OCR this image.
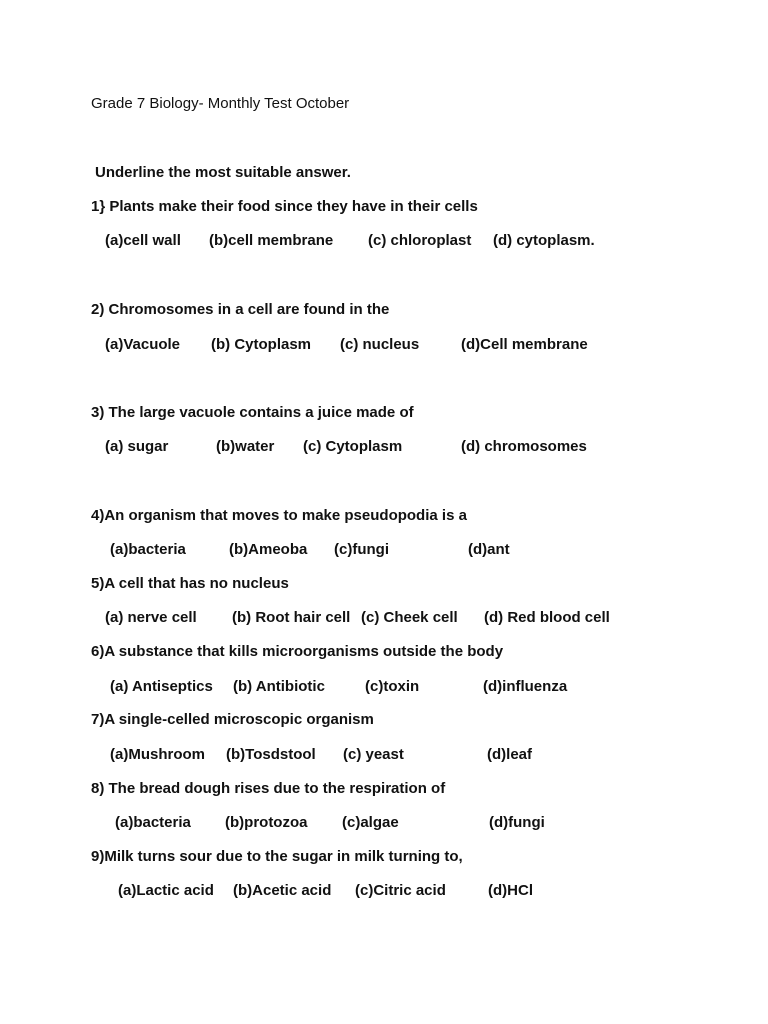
Grade 7 Biology- Monthly Test October
Underline the most suitable answer.
1} Plants make their food since they have in their cells
(a)cell wall (b)cell membrane (c) chloroplast (d) cytoplasm.
2) Chromosomes in a cell are found in the
(a)Vacuole (b) Cytoplasm (c) nucleus	(d)Cell membrane
3) The large vacuole contains a juice made of
(a) sugar	(b)water (c) Cytoplasm	(d) chromosomes
4)An organism that moves to make pseudopodia is a
(a)bacteria	(b)Ameoba (c)fungi	(d)ant
5)A cell that has no nucleus
(a) nerve cell (b) Root hair cell (c) Cheek cell (d) Red blood cell
6)A substance that kills microorganisms outside the body
(a) Antiseptics (b) Antibiotic	(c)toxin	(d)influenza
7)A single-celled microscopic organism
(a)Mushroom (b)Tosdstool (c) yeast	(d)leaf
8) The bread dough rises due to the respiration of
(a)bacteria (b)protozoa (c)algae	(d)fungi
9)Milk turns sour due to the sugar in milk turning to,
(a)Lactic acid (b)Acetic acid (c)Citric acid	(d)HCl
